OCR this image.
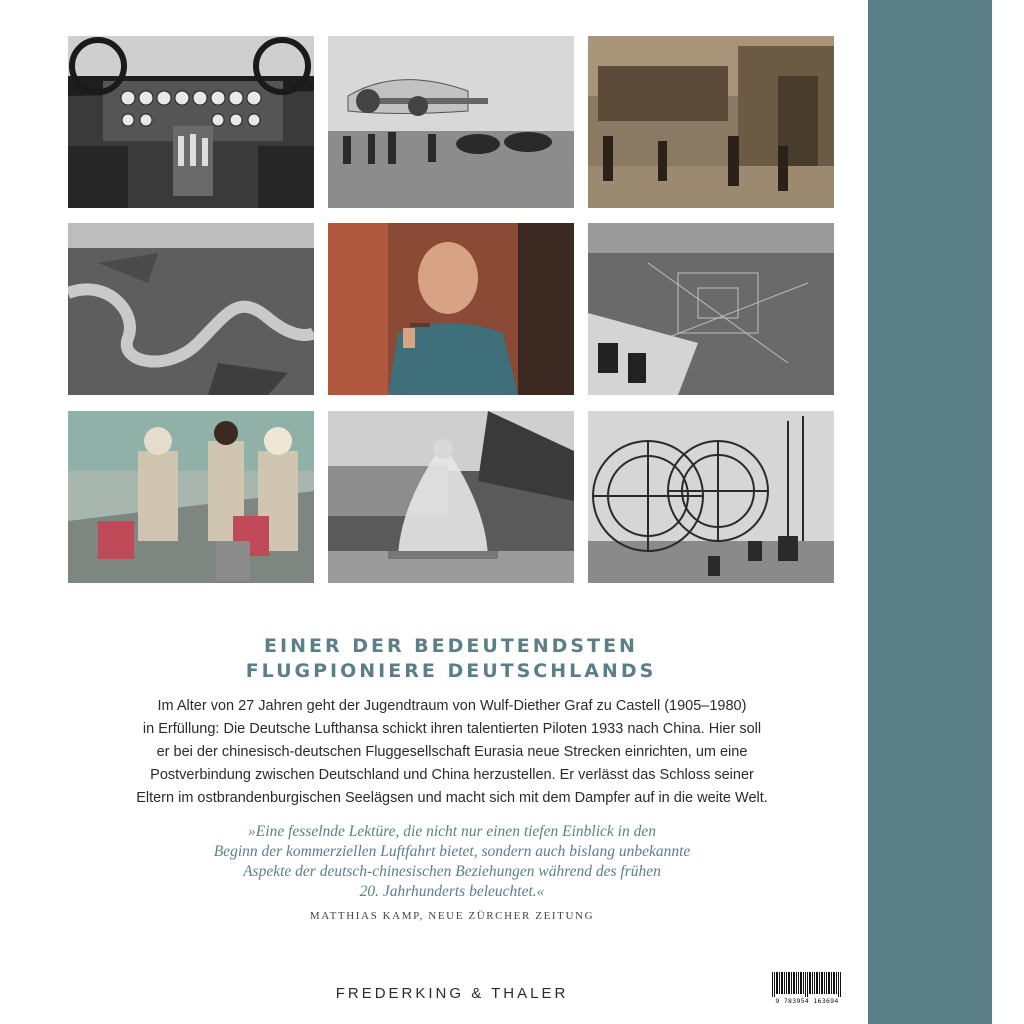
EINER DER BEDEUTENDSTEN
FLUGPIONIERE DEUTSCHLANDS
Im Alter von 27 Jahren geht der Jugendtraum von Wulf-Diether Graf zu Castell (1905–1980)
in Erfüllung: Die Deutsche Lufthansa schickt ihren talentierten Piloten 1933 nach China. Hier soll
er bei der chinesisch-deutschen Fluggesellschaft Eurasia neue Strecken einrichten, um eine
Postverbindung zwischen Deutschland und China herzustellen. Er verlässt das Schloss seiner
Eltern im ostbrandenburgischen Seelägsen und macht sich mit dem Dampfer auf in die weite Welt.
»Eine fesselnde Lektüre, die nicht nur einen tiefen Einblick in den
Beginn der kommerziellen Luftfahrt bietet, sondern auch bislang unbekannte
Aspekte der deutsch-chinesischen Beziehungen während des frühen
20. Jahrhunderts beleuchtet.«
MATTHIAS KAMP, NEUE ZÜRCHER ZEITUNG
FREDERKING & THALER	9 783954 163694
